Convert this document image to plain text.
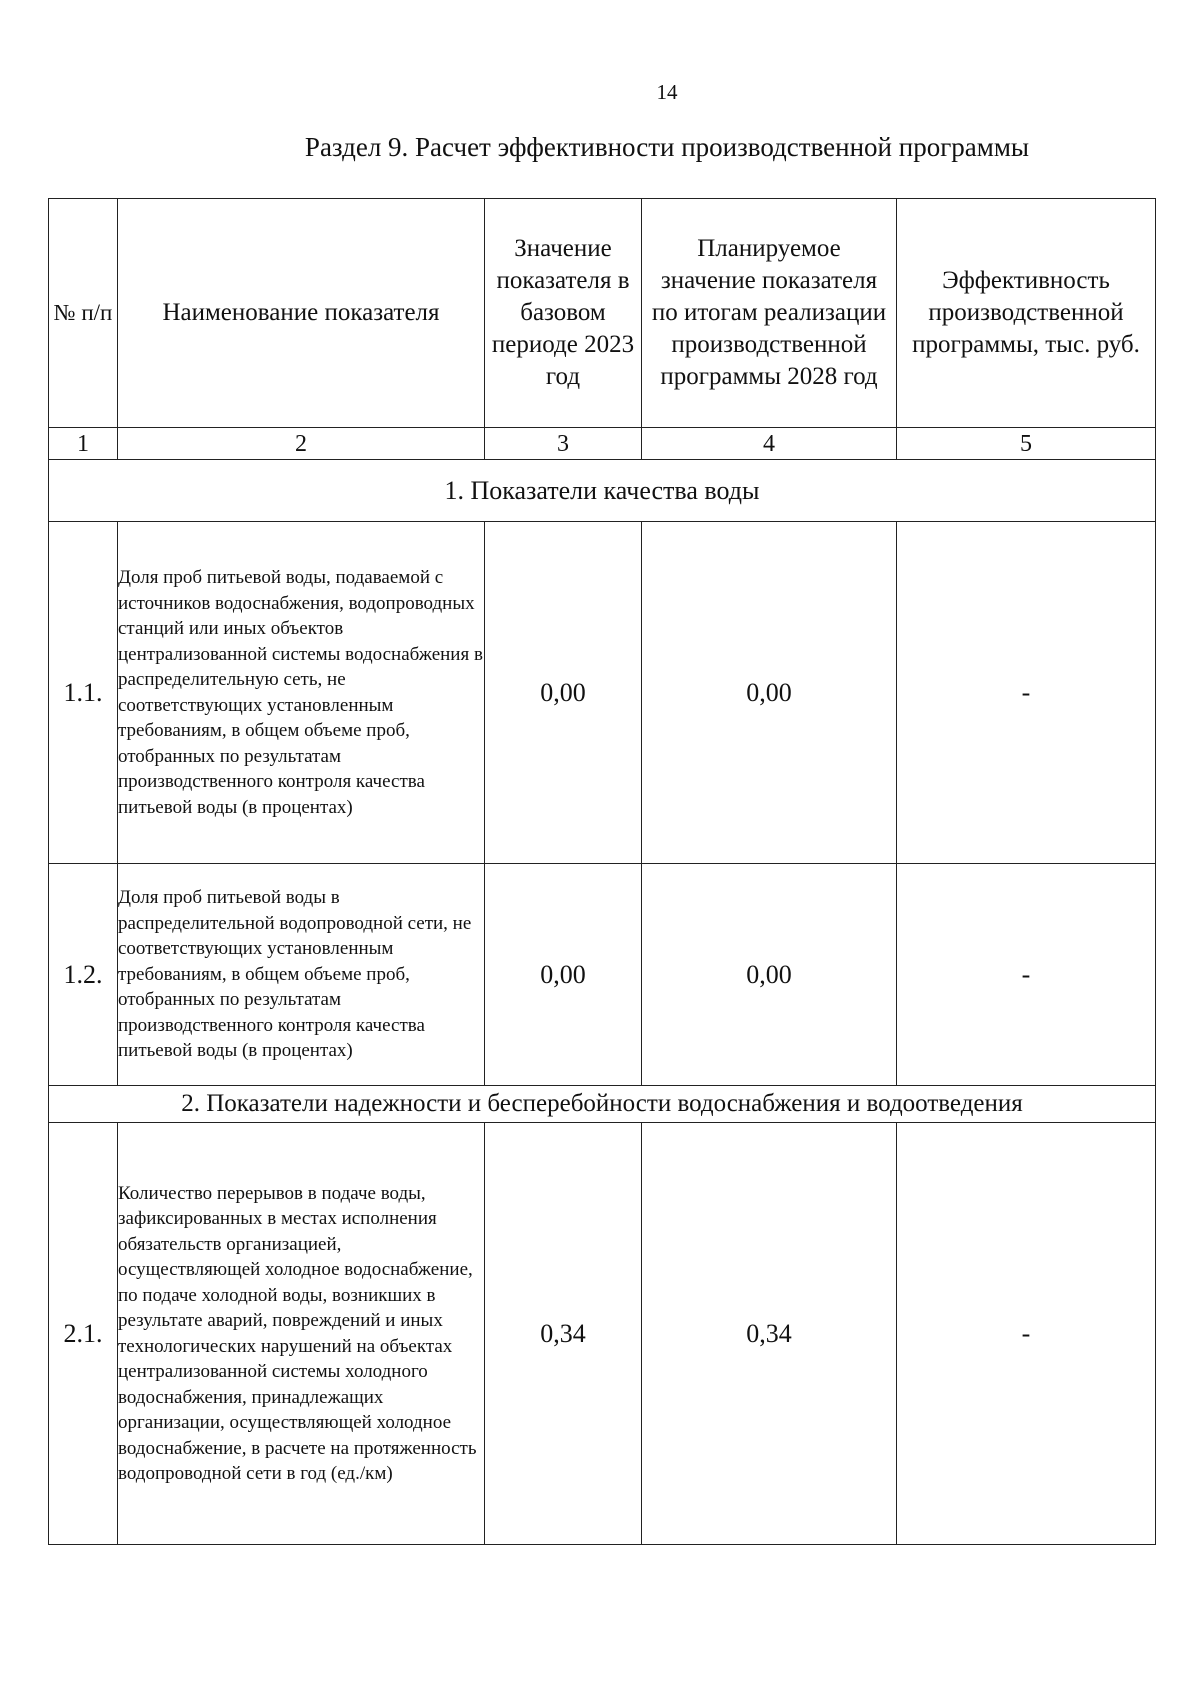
14
Раздел 9. Расчет эффективности производственной программы
№ п/п	Наименование показателя	Значение показателя в базовом периоде 2023 год	Планируемое значение показателя по итогам реализации производственной программы 2028 год	Эффективность производственной программы, тыс. руб.
1	2	3	4	5
1. Показатели качества воды				
1.1.	Доля проб питьевой воды, подаваемой с источников водоснабжения, водопроводных станций или иных объектов централизованной системы водоснабжения в распределительную сеть, не соответствующих установленным требованиям, в общем объеме проб, отобранных по результатам производственного контроля качества питьевой воды (в процентах)	0,00	0,00	-
1.2.	Доля проб питьевой воды в распределительной водопроводной сети, не соответствующих установленным требованиям, в общем объеме проб, отобранных по результатам производственного контроля качества питьевой воды (в процентах)	0,00	0,00	-
2. Показатели надежности и бесперебойности водоснабжения и водоотведения				
2.1.	Количество перерывов в подаче воды, зафиксированных в местах исполнения обязательств организацией, осуществляющей холодное водоснабжение, по подаче холодной воды, возникших в результате аварий, повреждений и иных технологических нарушений на объектах централизованной системы холодного водоснабжения, принадлежащих организации, осуществляющей холодное водоснабжение, в расчете на протяженность водопроводной сети в год (ед./км)	0,34	0,34	-
